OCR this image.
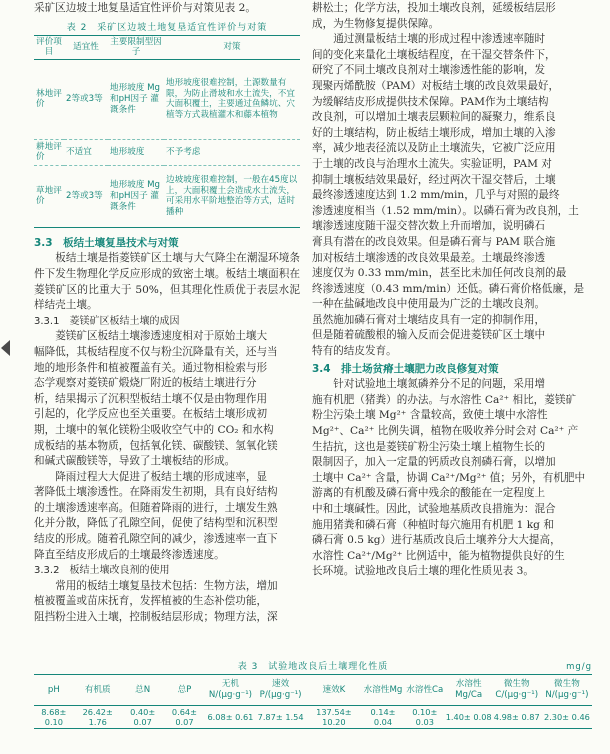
采矿区边坡土地复垦适宜性评价与对策见表 2。

表 2　采矿区边坡土地复垦适宜性评价与对策
评价项目	适宜性	主要限制型因子	对策
林地评价	2等或3等	地形坡度 Mg和pH因子 灌溉条件	地形坡度很难控制，土源数量有限，为防止滑坡和水土流失，不宜大面积覆土，主要通过鱼鳞坑、穴植等方式栽植灌木和藤本植物
耕地评价	不适宜	地形坡度	不予考虑
草地评价	2等或3等	地形坡度 Mg和pH因子 灌溉条件	边坡坡度很难控制，一般在45度以上，大面积覆土会造成水土流失，可采用水平阶地整治等方式，适时播种

3.3　板结土壤复垦技术与对策

板结土壤是指菱镁矿区土壤与大气降尘在潮湿环境条件下发生物理化学反应形成的致密土壤。板结土壤面积在菱镁矿区的比重大于 50%，但其理化性质优于表层水泥样结壳土壤。

3.3.1　菱镁矿区板结土壤的成因

菱镁矿区板结土壤渗透速度相对于原始土壤大
幅降低，其板结程度不仅与粉尘沉降量有关，还与当
地的地形条件和植被覆盖有关。通过物相检索与形
态学观察对菱镁矿煅烧厂附近的板结土壤进行分
析，结果揭示了沉积型板结土壤不仅是由物理作用
引起的，化学反应也至关重要。在板结土壤形成初
期，土壤中的氧化镁粉尘吸收空气中的 CO₂ 和水构
成板结的基本物质，包括氧化镁、碳酸镁、氢氧化镁
和碱式碳酸镁等，导致了土壤板结的形成。
降雨过程大大促进了板结土壤的形成速率，显
著降低土壤渗透性。在降雨发生初期，具有良好结构
的土壤渗透速率高。但随着降雨的进行，土壤发生熟
化并分散，降低了孔隙空间，促使了结构型和沉积型
结皮的形成。随着孔隙空间的减少，渗透速率一直下
降直至结皮形成后的土壤最终渗透速度。

3.3.2　板结土壤改良剂的使用

常用的板结土壤复垦技术包括：生物方法，增加
植被覆盖或苗床抚育，发挥植被的生态补偿功能，
阻挡粉尘进入土壤，控制板结层形成；物理方法，深
耕松土；化学方法，投加土壤改良剂，延缓板结层形
成，为生物修复提供保障。
通过测量板结土壤的形成过程中渗透速率随时
间的变化来量化土壤板结程度，在干湿交替条件下，
研究了不同土壤改良剂对土壤渗透性能的影响，发
现聚丙烯酰胺（PAM）对板结土壤的改良效果最好，
为缓解结皮形成提供技术保障。PAM作为土壤结构
改良剂，可以增加土壤表层颗粒间的凝聚力，维系良
好的土壤结构，防止板结土壤形成，增加土壤的入渗
率，减少地表径流以及防止土壤流失，它被广泛应用
于土壤的改良与治理水土流失。实验证明，PAM 对
抑制土壤板结效果最好，经过两次干湿交替后，土壤
最终渗透速度达到 1.2 mm/min，几乎与对照的最终
渗透速度相当（1.52 mm/min）。以磷石膏为改良剂，土
壤渗透速度随干湿交替次数上升而增加，说明磷石
膏具有潜在的改良效果。但是磷石膏与 PAM 联合施
加对板结土壤渗透的改良效果最差。土壤最终渗透
速度仅为 0.33 mm/min，甚至比未加任何改良剂的最
终渗透速度（0.43 mm/min）还低。磷石膏价格低廉，是
一种在盐碱地改良中使用最为广泛的土壤改良剂。
虽然施加磷石膏对土壤结皮具有一定的抑制作用，
但是随着硫酸根的输入反而会促进菱镁矿区土壤中
特有的结皮发育。

3.4　排土场贫瘠土壤肥力改良修复对策

针对试验地土壤氮磷养分不足的问题，采用增
施有机肥（猪粪）的办法。与水溶性 Ca²⁺ 相比，菱镁矿
粉尘污染土壤 Mg²⁺ 含量较高，致使土壤中水溶性
Mg²⁺、Ca²⁺ 比例失调，植物在吸收养分时会对 Ca²⁺ 产
生拮抗，这也是菱镁矿粉尘污染土壤上植物生长的
限制因子，加入一定量的钙质改良剂磷石膏，以增加
土壤中 Ca²⁺ 含量，协调 Ca²⁺/Mg²⁺ 值；另外，有机肥中
游离的有机酸及磷石膏中残余的酸能在一定程度上
中和土壤碱性。因此，试验地基质改良措施为：混合
施用猪粪和磷石膏（种植时每穴施用有机肥 1 kg 和
磷石膏 0.5 kg）进行基质改良后土壤养分大大提高，
水溶性 Ca²⁺/Mg²⁺ 比例适中，能为植物提供良好的生
长环境。试验地改良后土壤的理化性质见表 3。
表 3　试验地改良后土壤理化性质	mg/g
pH	有机质	总N	总P	无机N/(μg·g⁻¹)	速效P/(μg·g⁻¹)	速效K	水溶性Mg	水溶性Ca	水溶性Mg/Ca	微生物C/(μg·g⁻¹)	微生物N/(μg·g⁻¹)
8.68± 0.10	26.42± 1.76	0.40± 0.07	0.64± 0.07	6.08± 0.61	7.87± 1.54	137.54± 10.20	0.14± 0.04	0.10± 0.03	1.40± 0.08	4.98± 0.87	2.30± 0.46
